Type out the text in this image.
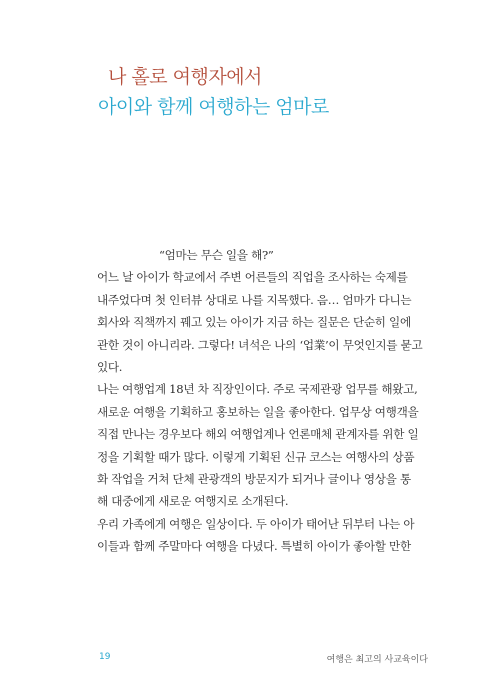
나 홀로 여행자에서
아이와 함께 여행하는 엄마로
“엄마는 무슨 일을 해?”
어느 날 아이가 학교에서 주변 어른들의 직업을 조사하는 숙제를
내주었다며 첫 인터뷰 상대로 나를 지목했다. 음… 엄마가 다니는
회사와 직책까지 꿰고 있는 아이가 지금 하는 질문은 단순히 일에
관한 것이 아니리라. 그렇다! 녀석은 나의 ‘업業’이 무엇인지를 묻고
있다.
나는 여행업계 18년 차 직장인이다. 주로 국제관광 업무를 해왔고,
새로운 여행을 기획하고 홍보하는 일을 좋아한다. 업무상 여행객을
직접 만나는 경우보다 해외 여행업계나 언론매체 관계자를 위한 일
정을 기획할 때가 많다. 이렇게 기획된 신규 코스는 여행사의 상품
화 작업을 거쳐 단체 관광객의 방문지가 되거나 글이나 영상을 통
해 대중에게 새로운 여행지로 소개된다.
우리 가족에게 여행은 일상이다. 두 아이가 태어난 뒤부터 나는 아
이들과 함께 주말마다 여행을 다녔다. 특별히 아이가 좋아할 만한
19	여행은 최고의 사교육이다
